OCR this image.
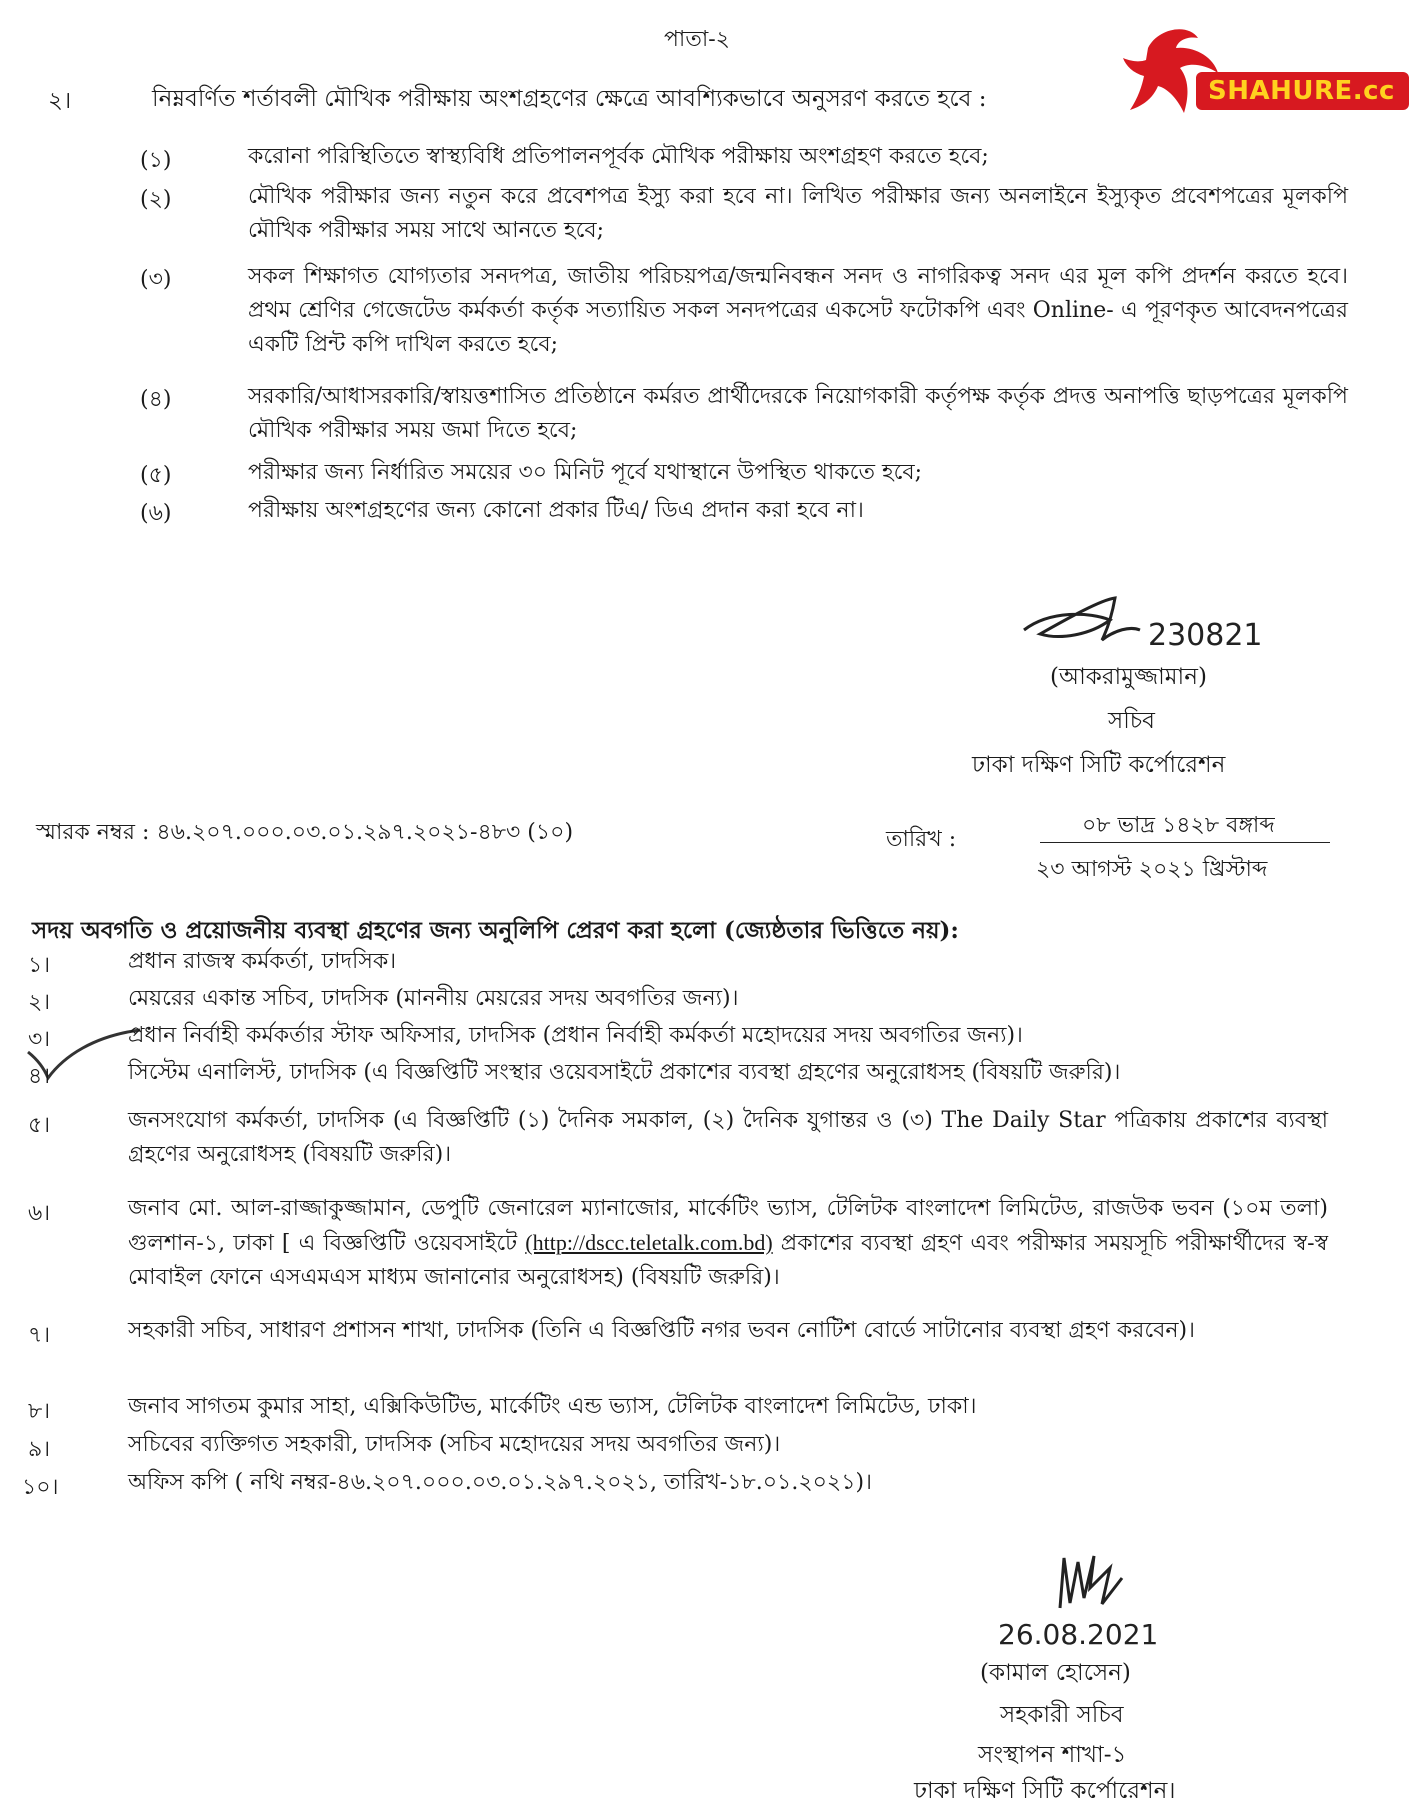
SHAHURE.cc
পাতা-২
২।	নিম্নবর্ণিত শর্তাবলী মৌখিক পরীক্ষায় অংশগ্রহণের ক্ষেত্রে আবশ্যিকভাবে অনুসরণ করতে হবে :
(১)	করোনা পরিস্থিতিতে স্বাস্থ্যবিধি প্রতিপালনপূর্বক মৌখিক পরীক্ষায় অংশগ্রহণ করতে হবে;
(২)	মৌখিক পরীক্ষার জন্য নতুন করে প্রবেশপত্র ইস্যু করা হবে না। লিখিত পরীক্ষার জন্য অনলাইনে ইস্যুকৃত প্রবেশপত্রের মূলকপি মৌখিক পরীক্ষার সময় সাথে আনতে হবে;
(৩)	সকল শিক্ষাগত যোগ্যতার সনদপত্র, জাতীয় পরিচয়পত্র/জন্মনিবন্ধন সনদ ও নাগরিকত্ব সনদ এর মূল কপি প্রদর্শন করতে হবে। প্রথম শ্রেণির গেজেটেড কর্মকর্তা কর্তৃক সত্যায়িত সকল সনদপত্রের একসেট ফটোকপি এবং Online- এ পূরণকৃত আবেদনপত্রের একটি প্রিন্ট কপি দাখিল করতে হবে;
(৪)	সরকারি/আধাসরকারি/স্বায়ত্তশাসিত প্রতিষ্ঠানে কর্মরত প্রার্থীদেরকে নিয়োগকারী কর্তৃপক্ষ কর্তৃক প্রদত্ত অনাপত্তি ছাড়পত্রের মূলকপি মৌখিক পরীক্ষার সময় জমা দিতে হবে;
(৫)	পরীক্ষার জন্য নির্ধারিত সময়ের ৩০ মিনিট পূর্বে যথাস্থানে উপস্থিত থাকতে হবে;
(৬)	পরীক্ষায় অংশগ্রহণের জন্য কোনো প্রকার টিএ/ ডিএ প্রদান করা হবে না।
230821
(আকরামুজ্জামান)
সচিব
ঢাকা দক্ষিণ সিটি কর্পোরেশন
স্মারক নম্বর : ৪৬.২০৭.০০০.০৩.০১.২৯৭.২০২১-৪৮৩ (১০)	তারিখ :
০৮ ভাদ্র ১৪২৮ বঙ্গাব্দ
২৩ আগস্ট ২০২১ খ্রিস্টাব্দ
সদয় অবগতি ও প্রয়োজনীয় ব্যবস্থা গ্রহণের জন্য অনুলিপি প্রেরণ করা হলো (জ্যেষ্ঠতার ভিত্তিতে নয়):
১।	প্রধান রাজস্ব কর্মকর্তা, ঢাদসিক।
২।	মেয়রের একান্ত সচিব, ঢাদসিক (মাননীয় মেয়রের সদয় অবগতির জন্য)।
৩।	প্রধান নির্বাহী কর্মকর্তার স্টাফ অফিসার, ঢাদসিক (প্রধান নির্বাহী কর্মকর্তা মহোদয়ের সদয় অবগতির জন্য)।
৪।	সিস্টেম এনালিস্ট, ঢাদসিক (এ বিজ্ঞপ্তিটি সংস্থার ওয়েবসাইটে প্রকাশের ব্যবস্থা গ্রহণের অনুরোধসহ (বিষয়টি জরুরি)।
৫।	জনসংযোগ কর্মকর্তা, ঢাদসিক (এ বিজ্ঞপ্তিটি (১) দৈনিক সমকাল, (২) দৈনিক যুগান্তর ও (৩) The Daily Star পত্রিকায় প্রকাশের ব্যবস্থা গ্রহণের অনুরোধসহ (বিষয়টি জরুরি)।
৬।	জনাব মো. আল-রাজ্জাকুজ্জামান, ডেপুটি জেনারেল ম্যানাজোর, মার্কেটিং ভ্যাস, টেলিটক বাংলাদেশ লিমিটেড, রাজউক ভবন (১০ম তলা) গুলশান-১, ঢাকা [ এ বিজ্ঞপ্তিটি ওয়েবসাইটে (http://dscc.teletalk.com.bd) প্রকাশের ব্যবস্থা গ্রহণ এবং পরীক্ষার সময়সূচি পরীক্ষার্থীদের স্ব-স্ব মোবাইল ফোনে এসএমএস মাধ্যম জানানোর অনুরোধসহ) (বিষয়টি জরুরি)।
৭।	সহকারী সচিব, সাধারণ প্রশাসন শাখা, ঢাদসিক (তিনি এ বিজ্ঞপ্তিটি নগর ভবন নোটিশ বোর্ডে সাটানোর ব্যবস্থা গ্রহণ করবেন)।
৮।	জনাব সাগতম কুমার সাহা, এক্সিকিউটিভ, মার্কেটিং এন্ড ভ্যাস, টেলিটক বাংলাদেশ লিমিটেড, ঢাকা।
৯।	সচিবের ব্যক্তিগত সহকারী, ঢাদসিক (সচিব মহোদয়ের সদয় অবগতির জন্য)।
১০।	অফিস কপি ( নথি নম্বর-৪৬.২০৭.০০০.০৩.০১.২৯৭.২০২১, তারিখ-১৮.০১.২০২১)।
26.08.2021
(কামাল হোসেন)
সহকারী সচিব
সংস্থাপন শাখা-১
ঢাকা দক্ষিণ সিটি কর্পোরেশন।
